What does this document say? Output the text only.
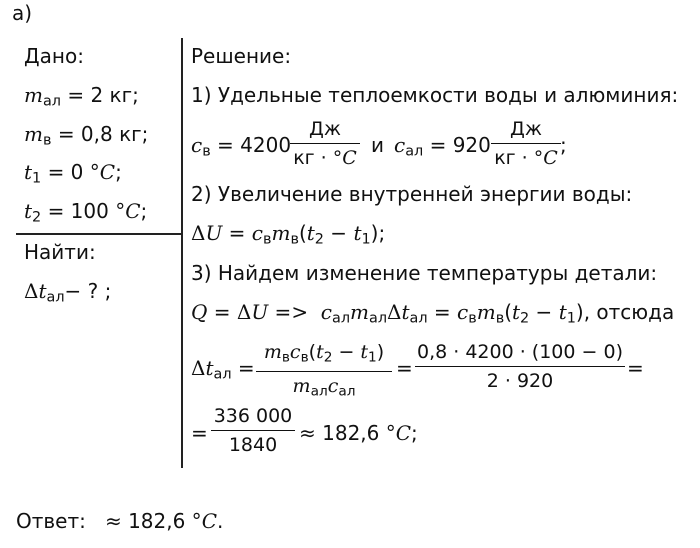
а)
Дано:
$m_{ал} = 2$ кг;
$m_в = 0,8$ кг;
$t_1 = 0$ °C;
$t_2 = 100$ °C;
Найти:
$\Delta t_{ал}-$ ? ;
Решение:
1) Удельные теплоемкости воды и алюминия:
$c_в = 4200$
Дж
кг · °C
и $c_{ал} = 920$
Дж
кг · °C
;
2) Увеличение внутренней энергии воды:
$\Delta U = c_вm_в(t_2 - t_1)$;
3) Найдем изменение температуры детали:
$Q = \Delta U => c_{ал}m_{ал}\Delta t_{ал} = c_вm_в(t_2 - t_1)$, отсюда
$\Delta t_{ал}$ =
$m_вc_в(t_2 - t_1)$
$m_{ал}c_{ал}$
= $\frac{0,8 \cdot 4200 \cdot (100 - 0)}{2 \cdot 920}$ =
= $\frac{336 000}{1840} \approx 182,6$ °C;
Ответ: ≈ 182,6 °C.
